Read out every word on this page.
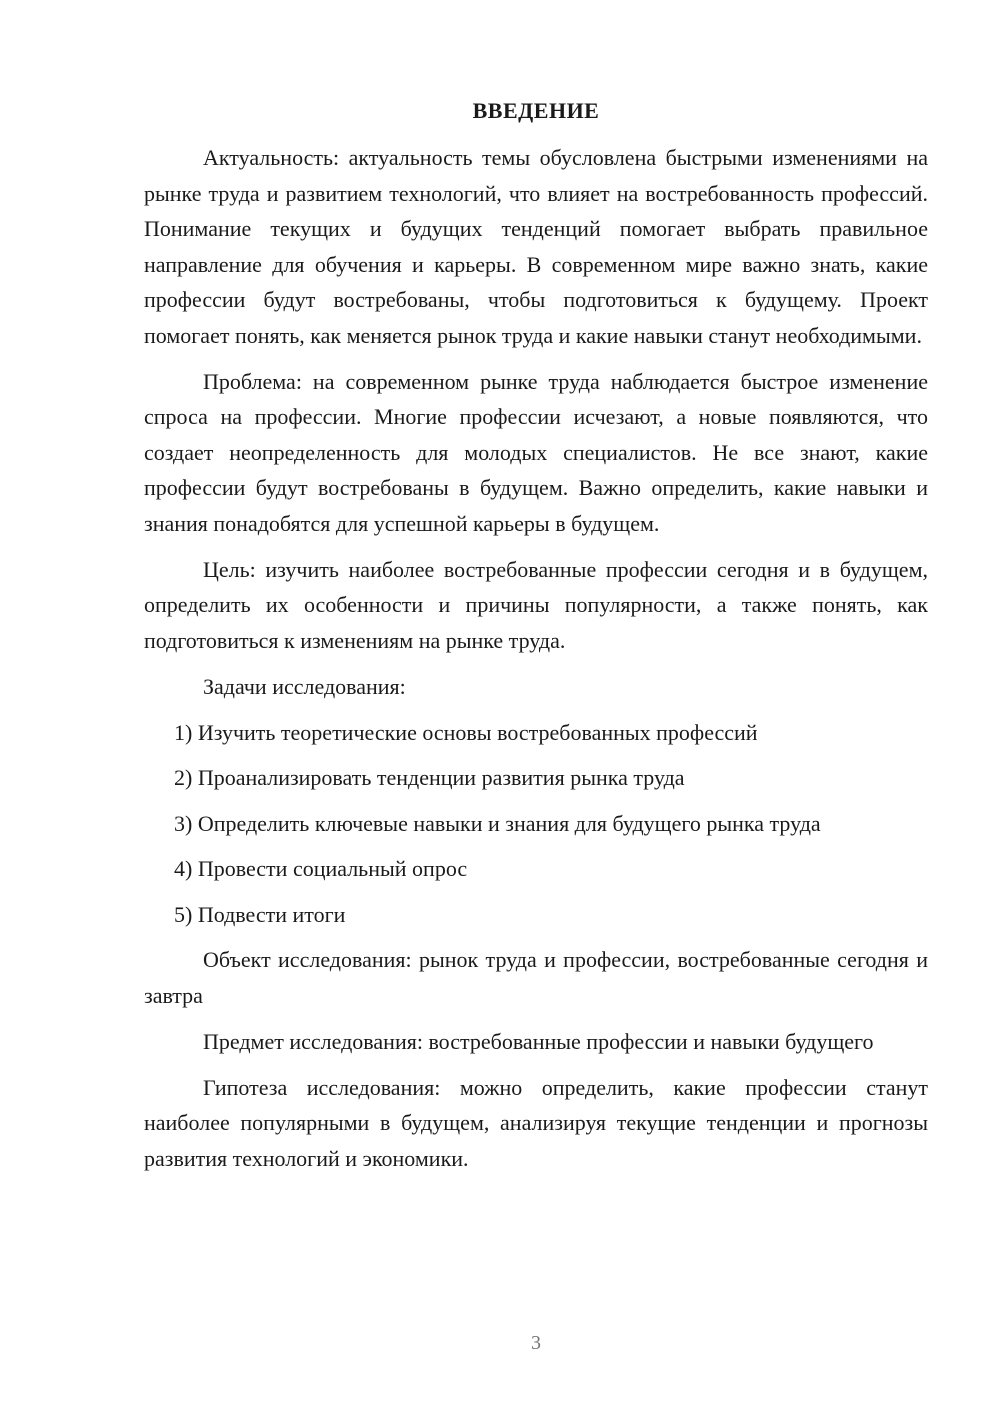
ВВЕДЕНИЕ

Актуальность: актуальность темы обусловлена быстрыми изменениями на рынке труда и развитием технологий, что влияет на востребованность профессий. Понимание текущих и будущих тенденций помогает выбрать правильное направление для обучения и карьеры. В современном мире важно знать, какие профессии будут востребованы, чтобы подготовиться к будущему. Проект помогает понять, как меняется рынок труда и какие навыки станут необходимыми.

Проблема: на современном рынке труда наблюдается быстрое изменение спроса на профессии. Многие профессии исчезают, а новые появляются, что создает неопределенность для молодых специалистов. Не все знают, какие профессии будут востребованы в будущем. Важно определить, какие навыки и знания понадобятся для успешной карьеры в будущем.

Цель: изучить наиболее востребованные профессии сегодня и в будущем, определить их особенности и причины популярности, а также понять, как подготовиться к изменениям на рынке труда.

Задачи исследования:

1) Изучить теоретические основы востребованных профессий
2) Проанализировать тенденции развития рынка труда
3) Определить ключевые навыки и знания для будущего рынка труда
4) Провести социальный опрос
5) Подвести итоги

Объект исследования: рынок труда и профессии, востребованные сегодня и завтра

Предмет исследования: востребованные профессии и навыки будущего

Гипотеза исследования: можно определить, какие профессии станут наиболее популярными в будущем, анализируя текущие тенденции и прогнозы развития технологий и экономики.

3
